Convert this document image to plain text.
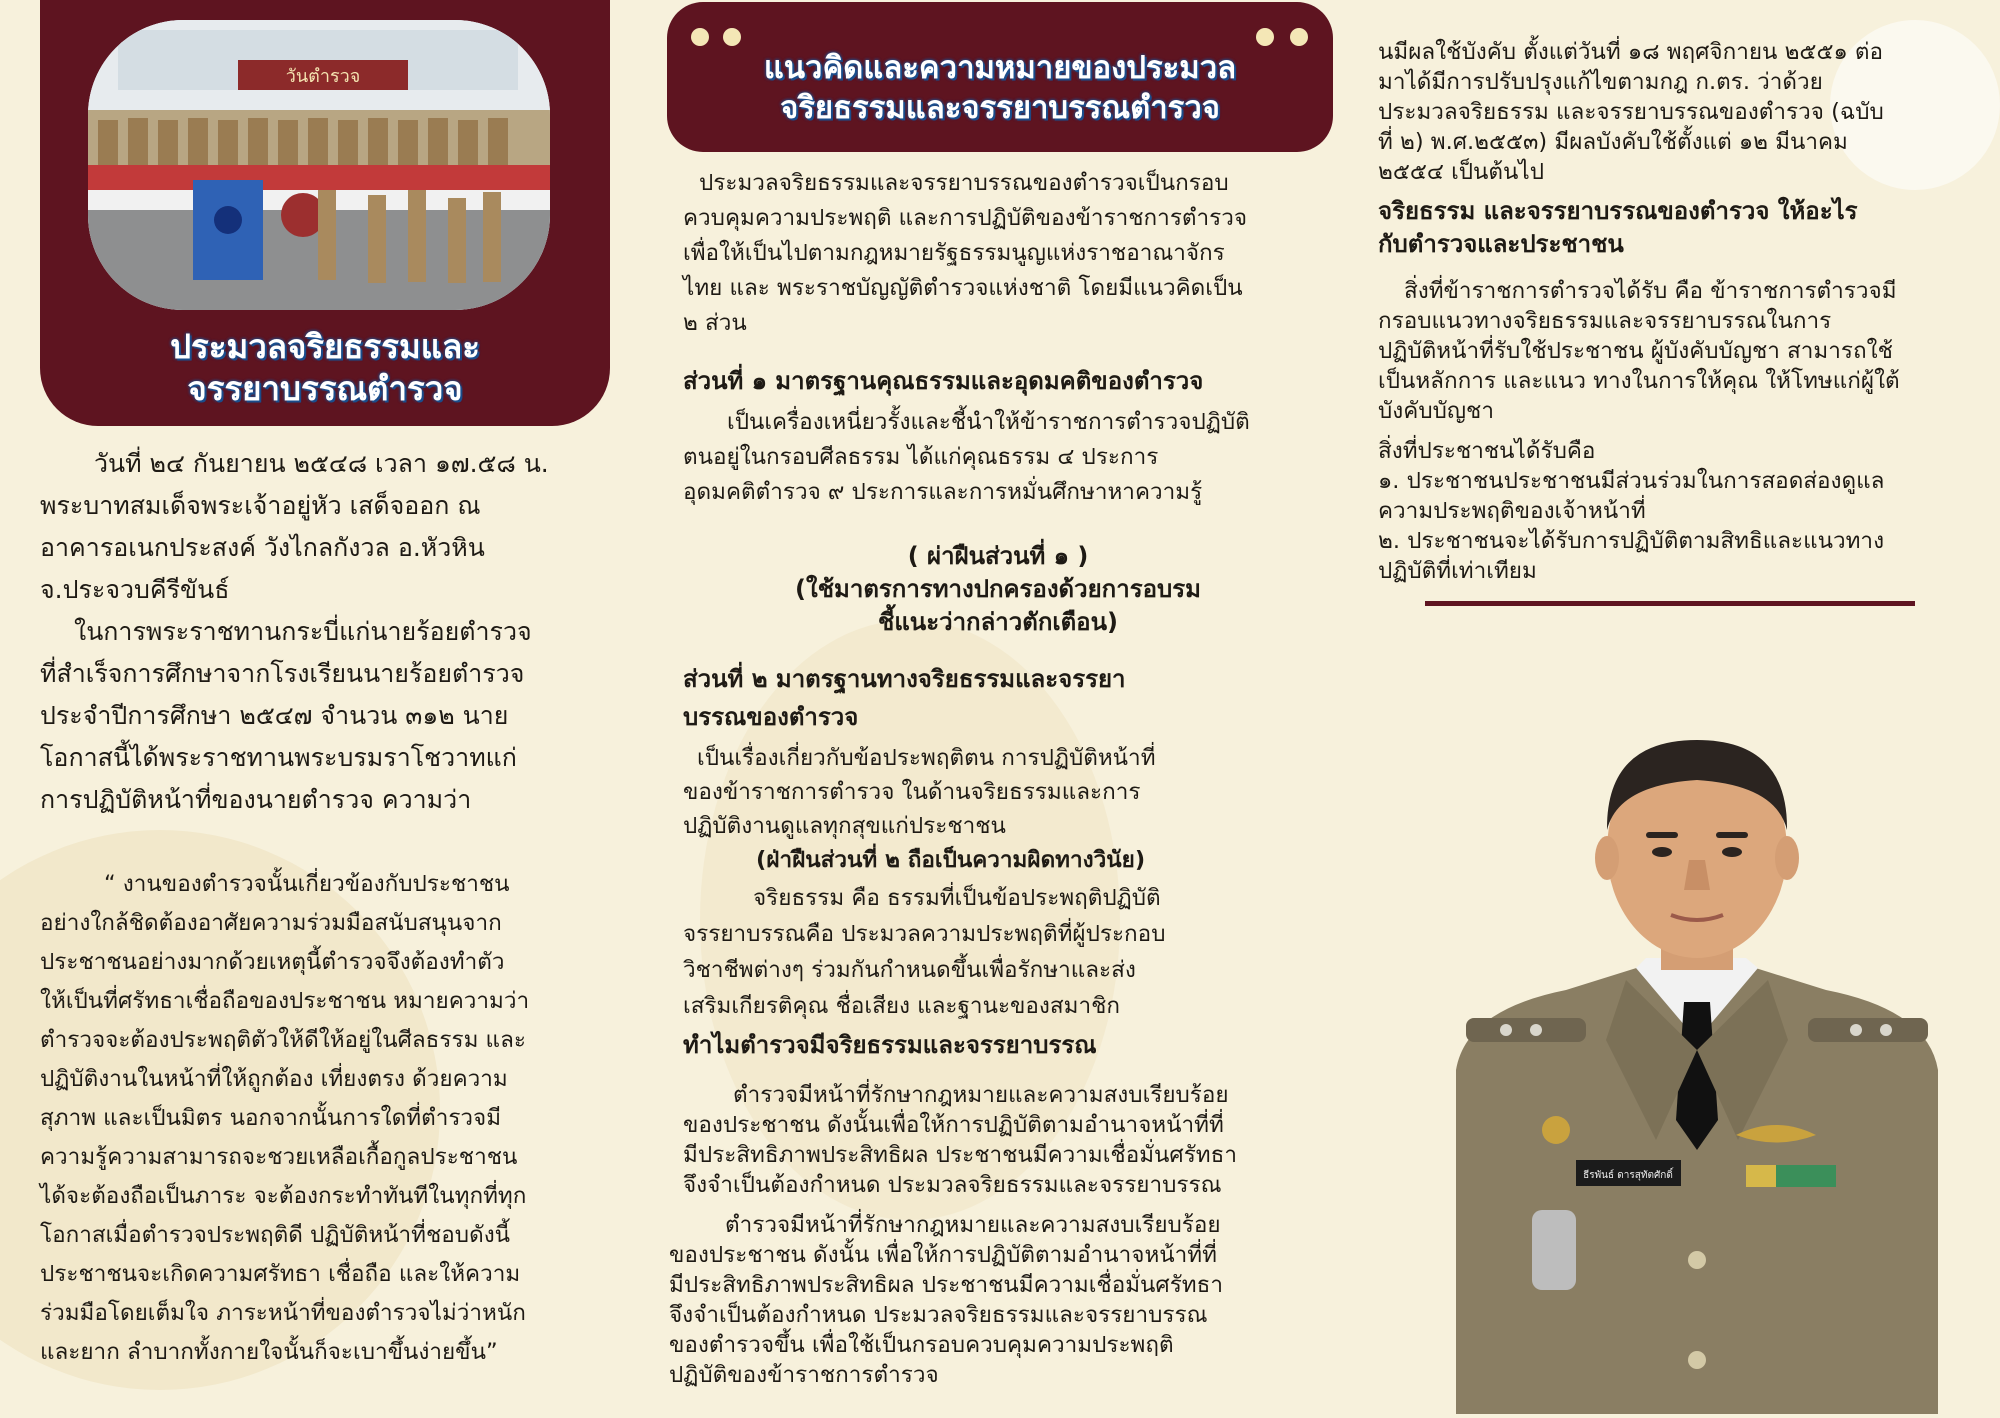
วันตำรวจ
ประมวลจริยธรรมและ
จรรยาบรรณตำรวจ

วันที่ ๒๔ กันยายน ๒๕๔๘ เวลา ๑๗.๕๘ น.

พระบาทสมเด็จพระเจ้าอยู่หัว เสด็จออก ณ

อาคารอเนกประสงค์ วังไกลกังวล อ.หัวหิน

จ.ประจวบคีรีขันธ์

ในการพระราชทานกระบี่แก่นายร้อยตำรวจ

ที่สำเร็จการศึกษาจากโรงเรียนนายร้อยตำรวจ

ประจำปีการศึกษา ๒๕๔๗ จำนวน ๓๑๒ นาย

โอกาสนี้ได้พระราชทานพระบรมราโชวาทแก่

การปฏิบัติหน้าที่ของนายตำรวจ ความว่า

“ งานของตำรวจนั้นเกี่ยวข้องกับประชาชน

อย่างใกล้ชิดต้องอาศัยความร่วมมือสนับสนุนจาก

ประชาชนอย่างมากด้วยเหตุนี้ตำรวจจึงต้องทำตัว

ให้เป็นที่ศรัทธาเชื่อถือของประชาชน หมายความว่า

ตำรวจจะต้องประพฤติตัวให้ดีให้อยู่ในศีลธรรม และ

ปฏิบัติงานในหน้าที่ให้ถูกต้อง เที่ยงตรง ด้วยความ

สุภาพ และเป็นมิตร นอกจากนั้นการใดที่ตำรวจมี

ความรู้ความสามารถจะชวยเหลือเกื้อกูลประชาชน

ได้จะต้องถือเป็นภาระ จะต้องกระทำทันทีในทุกที่ทุก

โอกาสเมื่อตำรวจประพฤติดี ปฏิบัติหน้าที่ชอบดังนี้

ประชาชนจะเกิดความศรัทธา เชื่อถือ และให้ความ

ร่วมมือโดยเต็มใจ ภาระหน้าที่ของตำรวจไม่ว่าหนัก

และยาก ลำบากทั้งกายใจนั้นก็จะเบาขึ้นง่ายขึ้น”

แนวคิดและความหมายของประมวล
จริยธรรมและจรรยาบรรณตำรวจ

ประมวลจริยธรรมและจรรยาบรรณของตำรวจเป็นกรอบ

ควบคุมความประพฤติ และการปฏิบัติของข้าราชการตำรวจ

เพื่อให้เป็นไปตามกฎหมายรัฐธรรมนูญแห่งราชอาณาจักร

ไทย และ พระราชบัญญัติตำรวจแห่งชาติ โดยมีแนวคิดเป็น

๒ ส่วน

ส่วนที่ ๑ มาตรฐานคุณธรรมและอุดมคติของตำรวจ

เป็นเครื่องเหนี่ยวรั้งและชี้นำให้ข้าราชการตำรวจปฏิบัติ

ตนอยู่ในกรอบศีลธรรม ได้แก่คุณธรรม ๔ ประการ

อุดมคติตำรวจ ๙ ประการและการหมั่นศึกษาหาความรู้

( ผ่าฝืนส่วนที่ ๑ )

(ใช้มาตรการทางปกครองด้วยการอบรม

ชี้แนะว่ากล่าวตักเตือน)

ส่วนที่ ๒ มาตรฐานทางจริยธรรมและจรรยา

บรรณของตำรวจ

เป็นเรื่องเกี่ยวกับข้อประพฤติตน การปฏิบัติหน้าที่

ของข้าราชการตำรวจ ในด้านจริยธรรมและการ

ปฏิบัติงานดูแลทุกสุขแก่ประชาชน

(ฝ่าฝืนส่วนที่ ๒ ถือเป็นความผิดทางวินัย)

จริยธรรม คือ ธรรมที่เป็นข้อประพฤติปฏิบัติ

จรรยาบรรณคือ ประมวลความประพฤติที่ผู้ประกอบ

วิชาชีพต่างๆ ร่วมกันกำหนดขึ้นเพื่อรักษาและส่ง

เสริมเกียรติคุณ ชื่อเสียง และฐานะของสมาชิก

ทำไมตำรวจมีจริยธรรมและจรรยาบรรณ

ตำรวจมีหน้าที่รักษากฎหมายและความสงบเรียบร้อย

ของประชาชน ดังนั้นเพื่อให้การปฏิบัติตามอำนาจหน้าที่ที่

มีประสิทธิภาพประสิทธิผล ประชาชนมีความเชื่อมั่นศรัทธา

จึงจำเป็นต้องกำหนด ประมวลจริยธรรมและจรรยาบรรณ

ตำรวจมีหน้าที่รักษากฎหมายและความสงบเรียบร้อย

ของประชาชน ดังนั้น เพื่อให้การปฏิบัติตามอำนาจหน้าที่ที่

มีประสิทธิภาพประสิทธิผล ประชาชนมีความเชื่อมั่นศรัทธา

จึงจำเป็นต้องกำหนด ประมวลจริยธรรมและจรรยาบรรณ

ของตำรวจขึ้น เพื่อใช้เป็นกรอบควบคุมความประพฤติ

ปฏิบัติของข้าราชการตำรวจ

นมีผลใช้บังคับ ตั้งแต่วันที่ ๑๘ พฤศจิกายน ๒๕๕๑ ต่อ

มาได้มีการปรับปรุงแก้ไขตามกฎ ก.ตร. ว่าด้วย

ประมวลจริยธรรม และจรรยาบรรณของตำรวจ (ฉบับ

ที่ ๒) พ.ศ.๒๕๕๓) มีผลบังคับใช้ตั้งแต่ ๑๒ มีนาคม

๒๕๕๔ เป็นต้นไป

จริยธรรม และจรรยาบรรณของตำรวจ ให้อะไร

กับตำรวจและประชาชน

สิ่งที่ข้าราชการตำรวจได้รับ คือ ข้าราชการตำรวจมี

กรอบแนวทางจริยธรรมและจรรยาบรรณในการ

ปฏิบัติหน้าที่รับใช้ประชาชน ผู้บังคับบัญชา สามารถใช้

เป็นหลักการ และแนว ทางในการให้คุณ ให้โทษแก่ผู้ใต้

บังคับบัญชา

สิ่งที่ประชาชนได้รับคือ

๑. ประชาชนประชาชนมีส่วนร่วมในการสอดส่องดูแล

ความประพฤติของเจ้าหน้าที่

๒. ประชาชนจะได้รับการปฏิบัติตามสิทธิและแนวทาง

ปฏิบัติที่เท่าเทียม

ธีรพันธ์ ดารสุทัตศักดิ์
